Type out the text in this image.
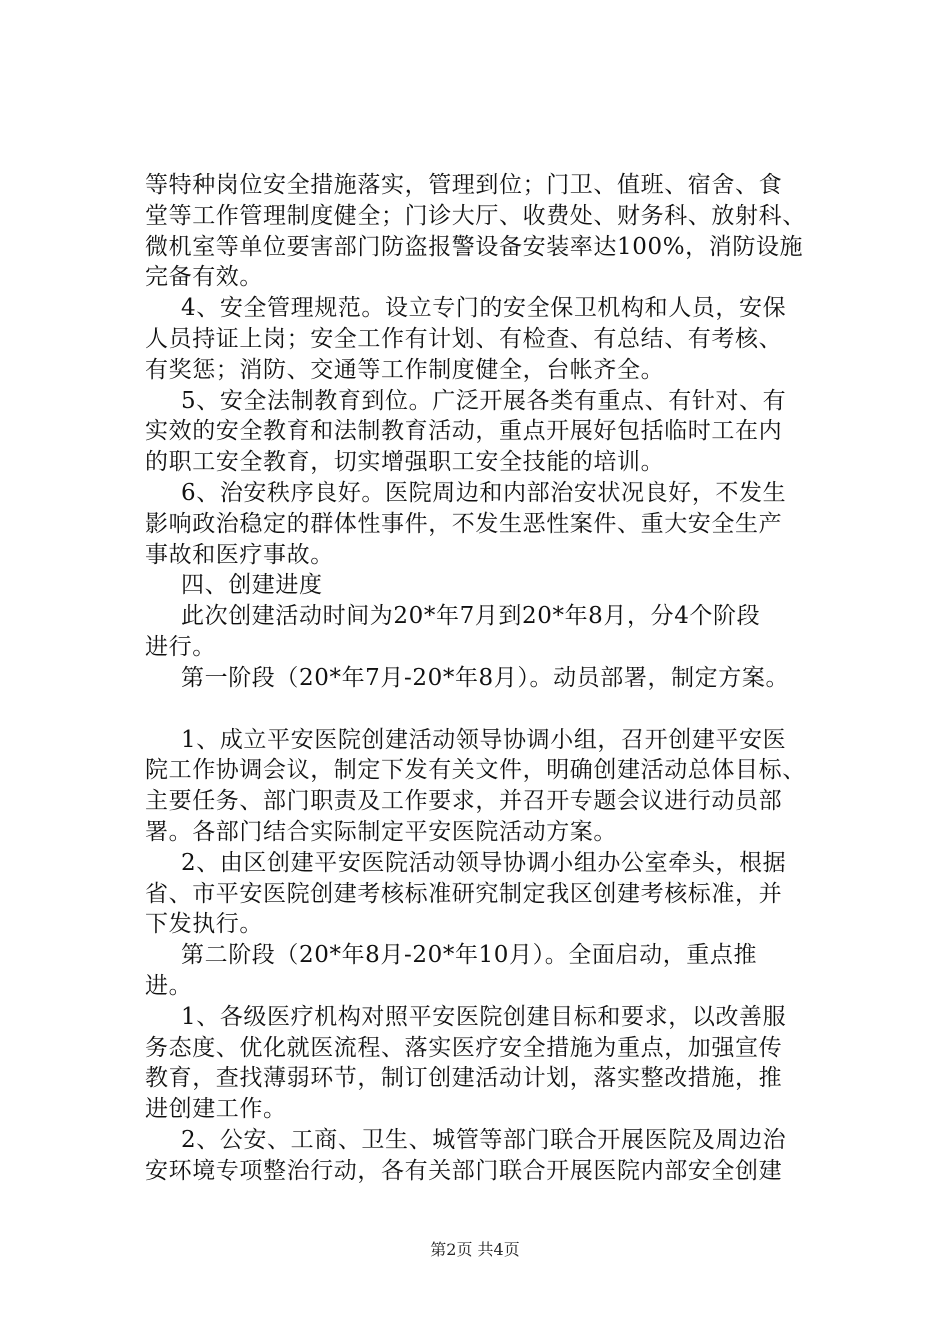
等特种岗位安全措施落实，管理到位；门卫、值班、宿舍、食
堂等工作管理制度健全；门诊大厅、收费处、财务科、放射科、
微机室等单位要害部门防盗报警设备安装率达100%，消防设施
完备有效。
4、安全管理规范。设立专门的安全保卫机构和人员，安保
人员持证上岗；安全工作有计划、有检查、有总结、有考核、
有奖惩；消防、交通等工作制度健全，台帐齐全。
5、安全法制教育到位。广泛开展各类有重点、有针对、有
实效的安全教育和法制教育活动，重点开展好包括临时工在内
的职工安全教育，切实增强职工安全技能的培训。
6、治安秩序良好。医院周边和内部治安状况良好，不发生
影响政治稳定的群体性事件，不发生恶性案件、重大安全生产
事故和医疗事故。
四、创建进度
此次创建活动时间为20*年7月到20*年8月，分4个阶段
进行。
第一阶段（20*年7月-20*年8月）。动员部署，制定方案。
1、成立平安医院创建活动领导协调小组，召开创建平安医
院工作协调会议，制定下发有关文件，明确创建活动总体目标、
主要任务、部门职责及工作要求，并召开专题会议进行动员部
署。各部门结合实际制定平安医院活动方案。
2、由区创建平安医院活动领导协调小组办公室牵头，根据
省、市平安医院创建考核标准研究制定我区创建考核标准，并
下发执行。
第二阶段（20*年8月-20*年10月）。全面启动，重点推
进。
1、各级医疗机构对照平安医院创建目标和要求，以改善服
务态度、优化就医流程、落实医疗安全措施为重点，加强宣传
教育，查找薄弱环节，制订创建活动计划，落实整改措施，推
进创建工作。
2、公安、工商、卫生、城管等部门联合开展医院及周边治
安环境专项整治行动，各有关部门联合开展医院内部安全创建
第2页 共4页
